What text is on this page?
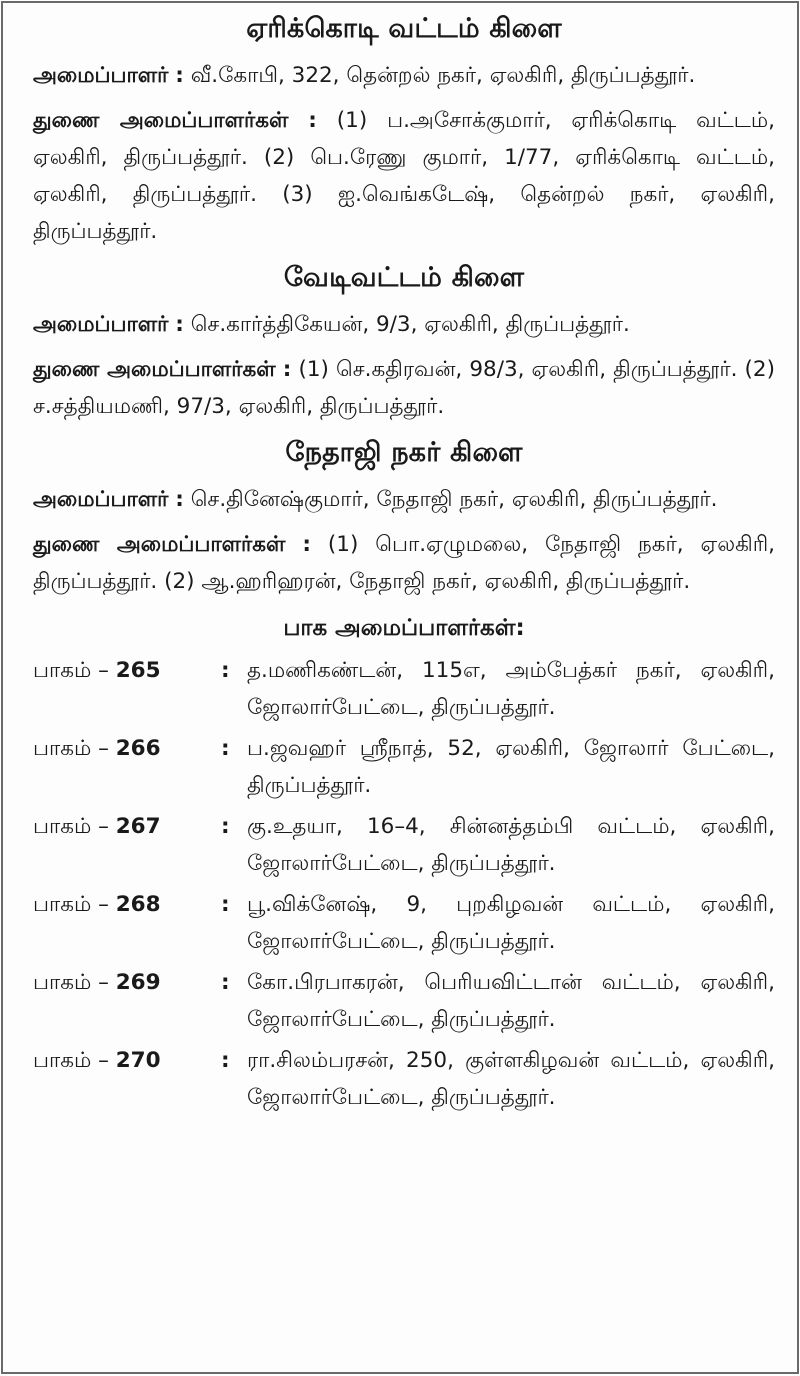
ஏரிக்கொடி வட்டம் கிளை

அமைப்பாளர் : வீ.கோபி, 322, தென்றல் நகர், ஏலகிரி, திருப்பத்தூர்.

துணை அமைப்பாளர்கள் : (1) ப.அசோக்குமார், ஏரிக்கொடி வட்டம், ஏலகிரி, திருப்பத்தூர். (2) பெ.ரேணு குமார், 1/77, ஏரிக்கொடி வட்டம், ஏலகிரி, திருப்பத்தூர். (3) ஐ.வெங்கடேஷ், தென்றல் நகர், ஏலகிரி, திருப்பத்தூர்.

வேடிவட்டம் கிளை

அமைப்பாளர் : செ.கார்த்திகேயன், 9/3, ஏலகிரி, திருப்பத்தூர்.

துணை அமைப்பாளர்கள் : (1) செ.கதிரவன், 98/3, ஏலகிரி, திருப்பத்தூர். (2) ச.சத்தியமணி, 97/3, ஏலகிரி, திருப்பத்தூர்.

நேதாஜி நகர் கிளை

அமைப்பாளர் : செ.தினேஷ்குமார், நேதாஜி நகர், ஏலகிரி, திருப்பத்தூர்.

துணை அமைப்பாளர்கள் : (1) பொ.ஏழுமலை, நேதாஜி நகர், ஏலகிரி, திருப்பத்தூர். (2) ஆ.ஹரிஹரன், நேதாஜி நகர், ஏலகிரி, திருப்பத்தூர்.

பாக அமைப்பாளர்கள்:
பாகம் – 265	: த.மணிகண்டன், 115எ, அம்பேத்கர் நகர், ஏலகிரி, ஜோலார்பேட்டை, திருப்பத்தூர்.
பாகம் – 266	: ப.ஜவஹர் ஸ்ரீநாத், 52, ஏலகிரி, ஜோலார் பேட்டை, திருப்பத்தூர்.
பாகம் – 267	: கு.உதயா, 16–4, சின்னத்தம்பி வட்டம், ஏலகிரி, ஜோலார்பேட்டை, திருப்பத்தூர்.
பாகம் – 268	: பூ.விக்னேஷ், 9, புறகிழவன் வட்டம், ஏலகிரி, ஜோலார்பேட்டை, திருப்பத்தூர்.
பாகம் – 269	: கோ.பிரபாகரன், பெரியவிட்டான் வட்டம், ஏலகிரி, ஜோலார்பேட்டை, திருப்பத்தூர்.
பாகம் – 270	: ரா.சிலம்பரசன், 250, குள்ளகிழவன் வட்டம், ஏலகிரி, ஜோலார்பேட்டை, திருப்பத்தூர்.
